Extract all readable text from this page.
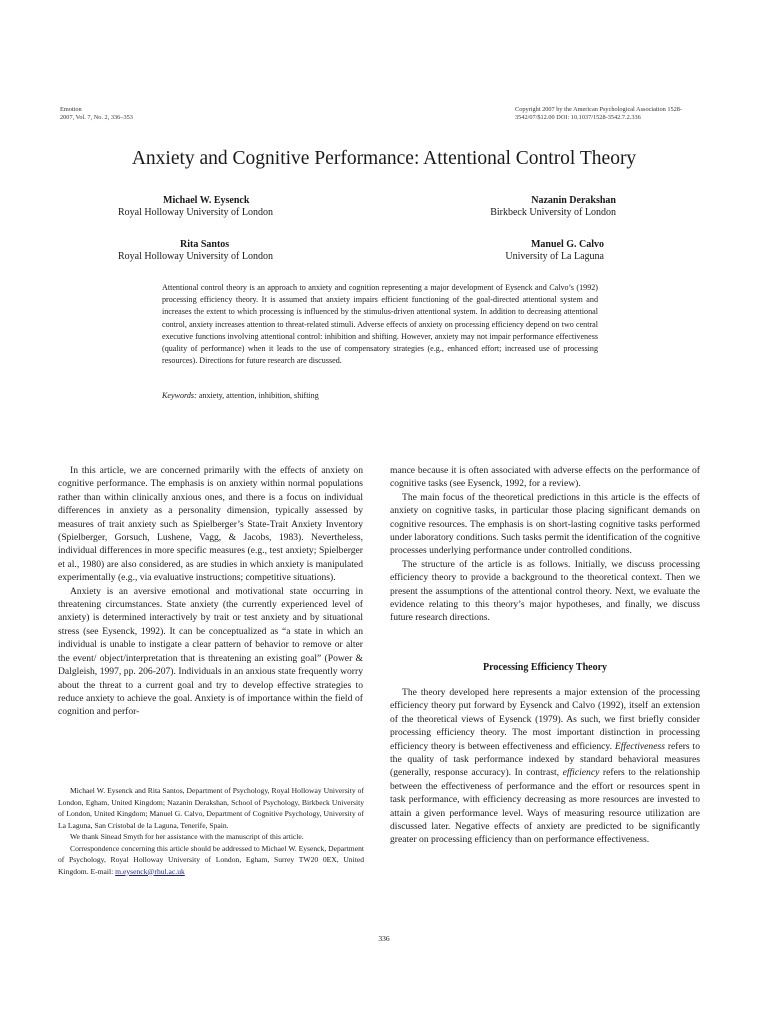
Emotion
2007, Vol. 7, No. 2, 336–353
Copyright 2007 by the American Psychological Association 1528-3542/07/$12.00 DOI: 10.1037/1528-3542.7.2.336
Anxiety and Cognitive Performance: Attentional Control Theory
Michael W. Eysenck
Royal Holloway University of London
Nazanin Derakshan
Birkbeck University of London
Rita Santos
Royal Holloway University of London
Manuel G. Calvo
University of La Laguna
Attentional control theory is an approach to anxiety and cognition representing a major development of Eysenck and Calvo’s (1992) processing efficiency theory. It is assumed that anxiety impairs efficient functioning of the goal-directed attentional system and increases the extent to which processing is influenced by the stimulus-driven attentional system. In addition to decreasing attentional control, anxiety increases attention to threat-related stimuli. Adverse effects of anxiety on processing efficiency depend on two central executive functions involving attentional control: inhibition and shifting. However, anxiety may not impair performance effectiveness (quality of performance) when it leads to the use of compensatory strategies (e.g., enhanced effort; increased use of processing resources). Directions for future research are discussed.
Keywords: anxiety, attention, inhibition, shifting

In this article, we are concerned primarily with the effects of anxiety on cognitive performance. The emphasis is on anxiety within normal populations rather than within clinically anxious ones, and there is a focus on individual differences in anxiety as a personality dimension, typically assessed by measures of trait anxiety such as Spielberger’s State-Trait Anxiety Inventory (Spielberger, Gorsuch, Lushene, Vagg, & Jacobs, 1983). Nevertheless, individual differences in more specific measures (e.g., test anxiety; Spielberger et al., 1980) are also considered, as are studies in which anxiety is manipulated experimentally (e.g., via evaluative instructions; competitive situations).

Anxiety is an aversive emotional and motivational state occurring in threatening circumstances. State anxiety (the currently experienced level of anxiety) is determined interactively by trait or test anxiety and by situational stress (see Eysenck, 1992). It can be conceptualized as “a state in which an individual is unable to instigate a clear pattern of behavior to remove or alter the event/ object/interpretation that is threatening an existing goal” (Power & Dalgleish, 1997, pp. 206-207). Individuals in an anxious state frequently worry about the threat to a current goal and try to develop effective strategies to reduce anxiety to achieve the goal. Anxiety is of importance within the field of cognition and perfor-

mance because it is often associated with adverse effects on the performance of cognitive tasks (see Eysenck, 1992, for a review).

The main focus of the theoretical predictions in this article is the effects of anxiety on cognitive tasks, in particular those placing significant demands on cognitive resources. The emphasis is on short-lasting cognitive tasks performed under laboratory conditions. Such tasks permit the identification of the cognitive processes underlying performance under controlled conditions.

The structure of the article is as follows. Initially, we discuss processing efficiency theory to provide a background to the theoretical context. Then we present the assumptions of the attentional control theory. Next, we evaluate the evidence relating to this theory’s major hypotheses, and finally, we discuss future research directions.

Processing Efficiency Theory

The theory developed here represents a major extension of the processing efficiency theory put forward by Eysenck and Calvo (1992), itself an extension of the theoretical views of Eysenck (1979). As such, we first briefly consider processing efficiency theory. The most important distinction in processing efficiency theory is between effectiveness and efficiency. Effectiveness refers to the quality of task performance indexed by standard behavioral measures (generally, response accuracy). In contrast, efficiency refers to the relationship between the effectiveness of performance and the effort or resources spent in task performance, with efficiency decreasing as more resources are invested to attain a given performance level. Ways of measuring resource utilization are discussed later. Negative effects of anxiety are predicted to be significantly greater on processing efficiency than on performance effectiveness.

Michael W. Eysenck and Rita Santos, Department of Psychology, Royal Holloway University of London, Egham, United Kingdom; Nazanin Derakshan, School of Psychology, Birkbeck University of London, United Kingdom; Manuel G. Calvo, Department of Cognitive Psychology, University of La Laguna, San Cristobal de la Laguna, Tenerife, Spain.

We thank Sinead Smyth for her assistance with the manuscript of this article.

Correspondence concerning this article should be addressed to Michael W. Eysenck, Department of Psychology, Royal Holloway University of London, Egham, Surrey TW20 0EX, United Kingdom. E-mail: m.eysenck@rhul.ac.uk

336
